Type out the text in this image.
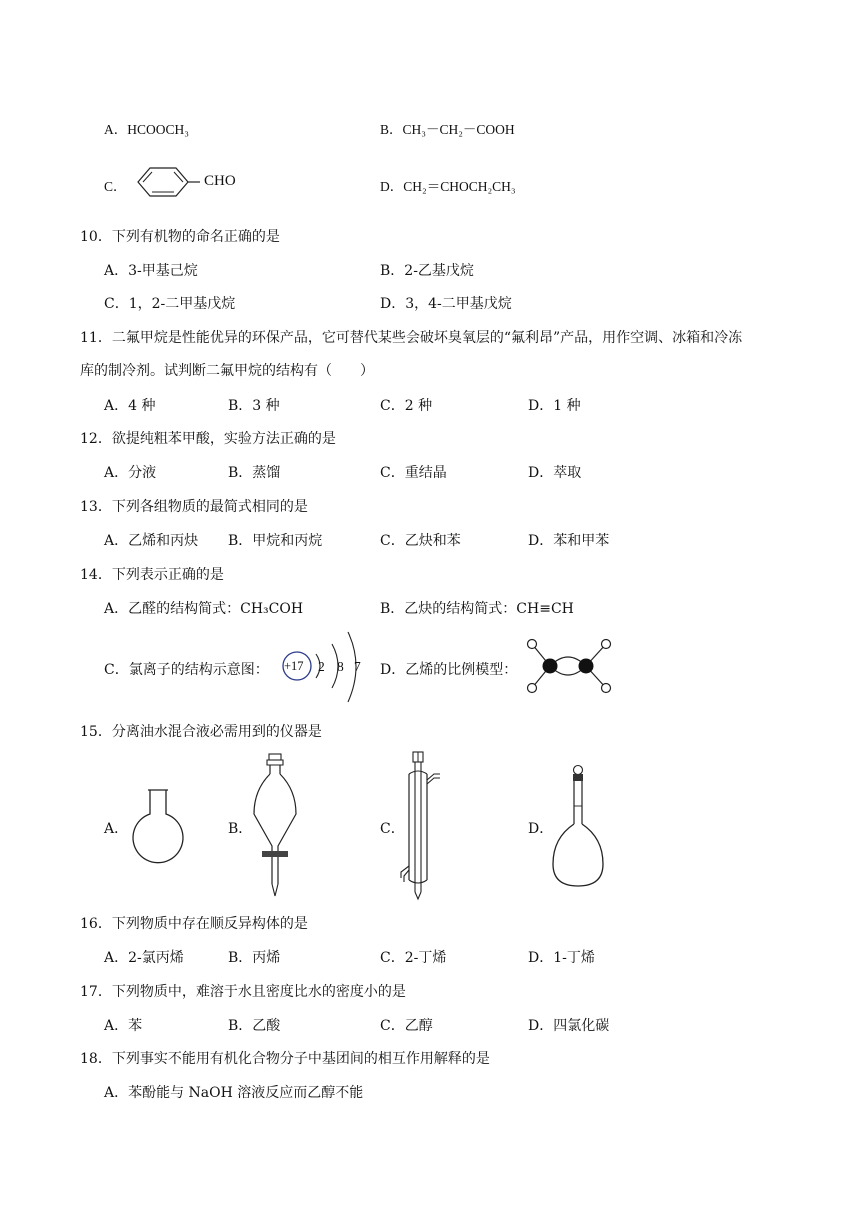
A．HCOOCH₃	B．CH₃－CH₂－COOH
C．	CHO	D．CH₂＝CHOCH₂CH₃
10．下列有机物的命名正确的是
A．3-甲基己烷	B．2-乙基戊烷
C．1，2-二甲基戊烷	D．3，4-二甲基戊烷
11．二氟甲烷是性能优异的环保产品，它可替代某些会破坏臭氧层的“氟利昂”产品，用作空调、冰箱和冷冻
库的制冷剂。试判断二氟甲烷的结构有（　　）
A．4 种	B．3 种	C．2 种	D．1 种
12．欲提纯粗苯甲酸，实验方法正确的是
A．分液	B．蒸馏	C．重结晶	D．萃取
13．下列各组物质的最简式相同的是
A．乙烯和丙炔 B．甲烷和丙烷	C．乙炔和苯	D．苯和甲苯
14．下列表示正确的是
A．乙醛的结构简式：CH₃COH	B．乙炔的结构简式：CH≡CH
C．氯离子的结构示意图： +17 2 8 7 D．乙烯的比例模型：
15．分离油水混合液必需用到的仪器是
A．	B．	C．	D．
16．下列物质中存在顺反异构体的是
A．2-氯丙烯	B．丙烯	C．2-丁烯	D．1-丁烯
17．下列物质中，难溶于水且密度比水的密度小的是
A．苯	B．乙酸	C．乙醇	D．四氯化碳
18．下列事实不能用有机化合物分子中基团间的相互作用解释的是
A．苯酚能与 NaOH 溶液反应而乙醇不能
